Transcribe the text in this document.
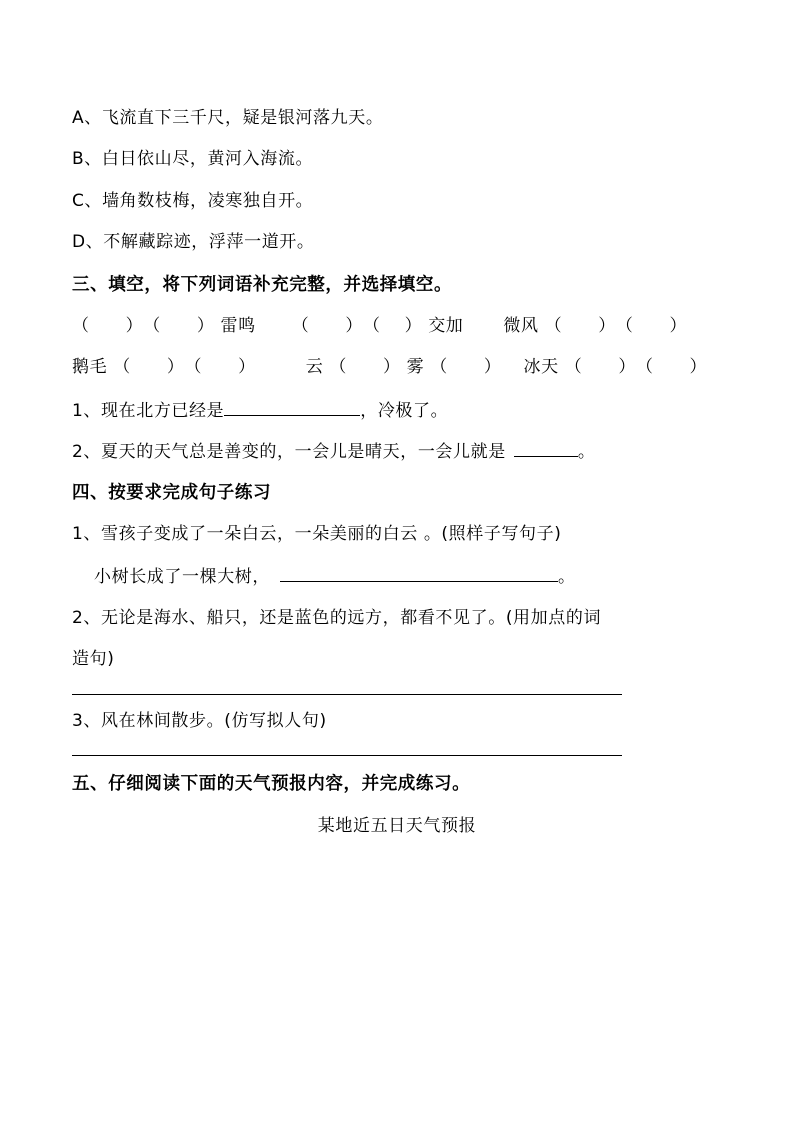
A、飞流直下三千尺，疑是银河落九天。
B、白日依山尽，黄河入海流。
C、墙角数枝梅，凌寒独自开。
D、不解藏踪迹，浮萍一道开。
三、填空，将下列词语补充完整，并选择填空。
（      ）（      ） 雷鸣 （      ）（    ） 交加 微风 （      ）（      ）
鹅毛 （      ）（      ）	云 （      ） 雾 （      ） 冰天 （      ）（      ）
1、现在北方已经是	，冷极了。
2、夏天的天气总是善变的，一会儿是晴天，一会儿就是	。
四、按要求完成句子练习
1、雪孩子变成了一朵白云，一朵美丽的白云 。(照样子写句子)
小树长成了一棵大树，	。
2、无论是海水、船只，还是蓝色的远方，都看不见了。(用加点的词
造句)
3、风在林间散步。(仿写拟人句)
五、仔细阅读下面的天气预报内容，并完成练习。
某地近五日天气预报
